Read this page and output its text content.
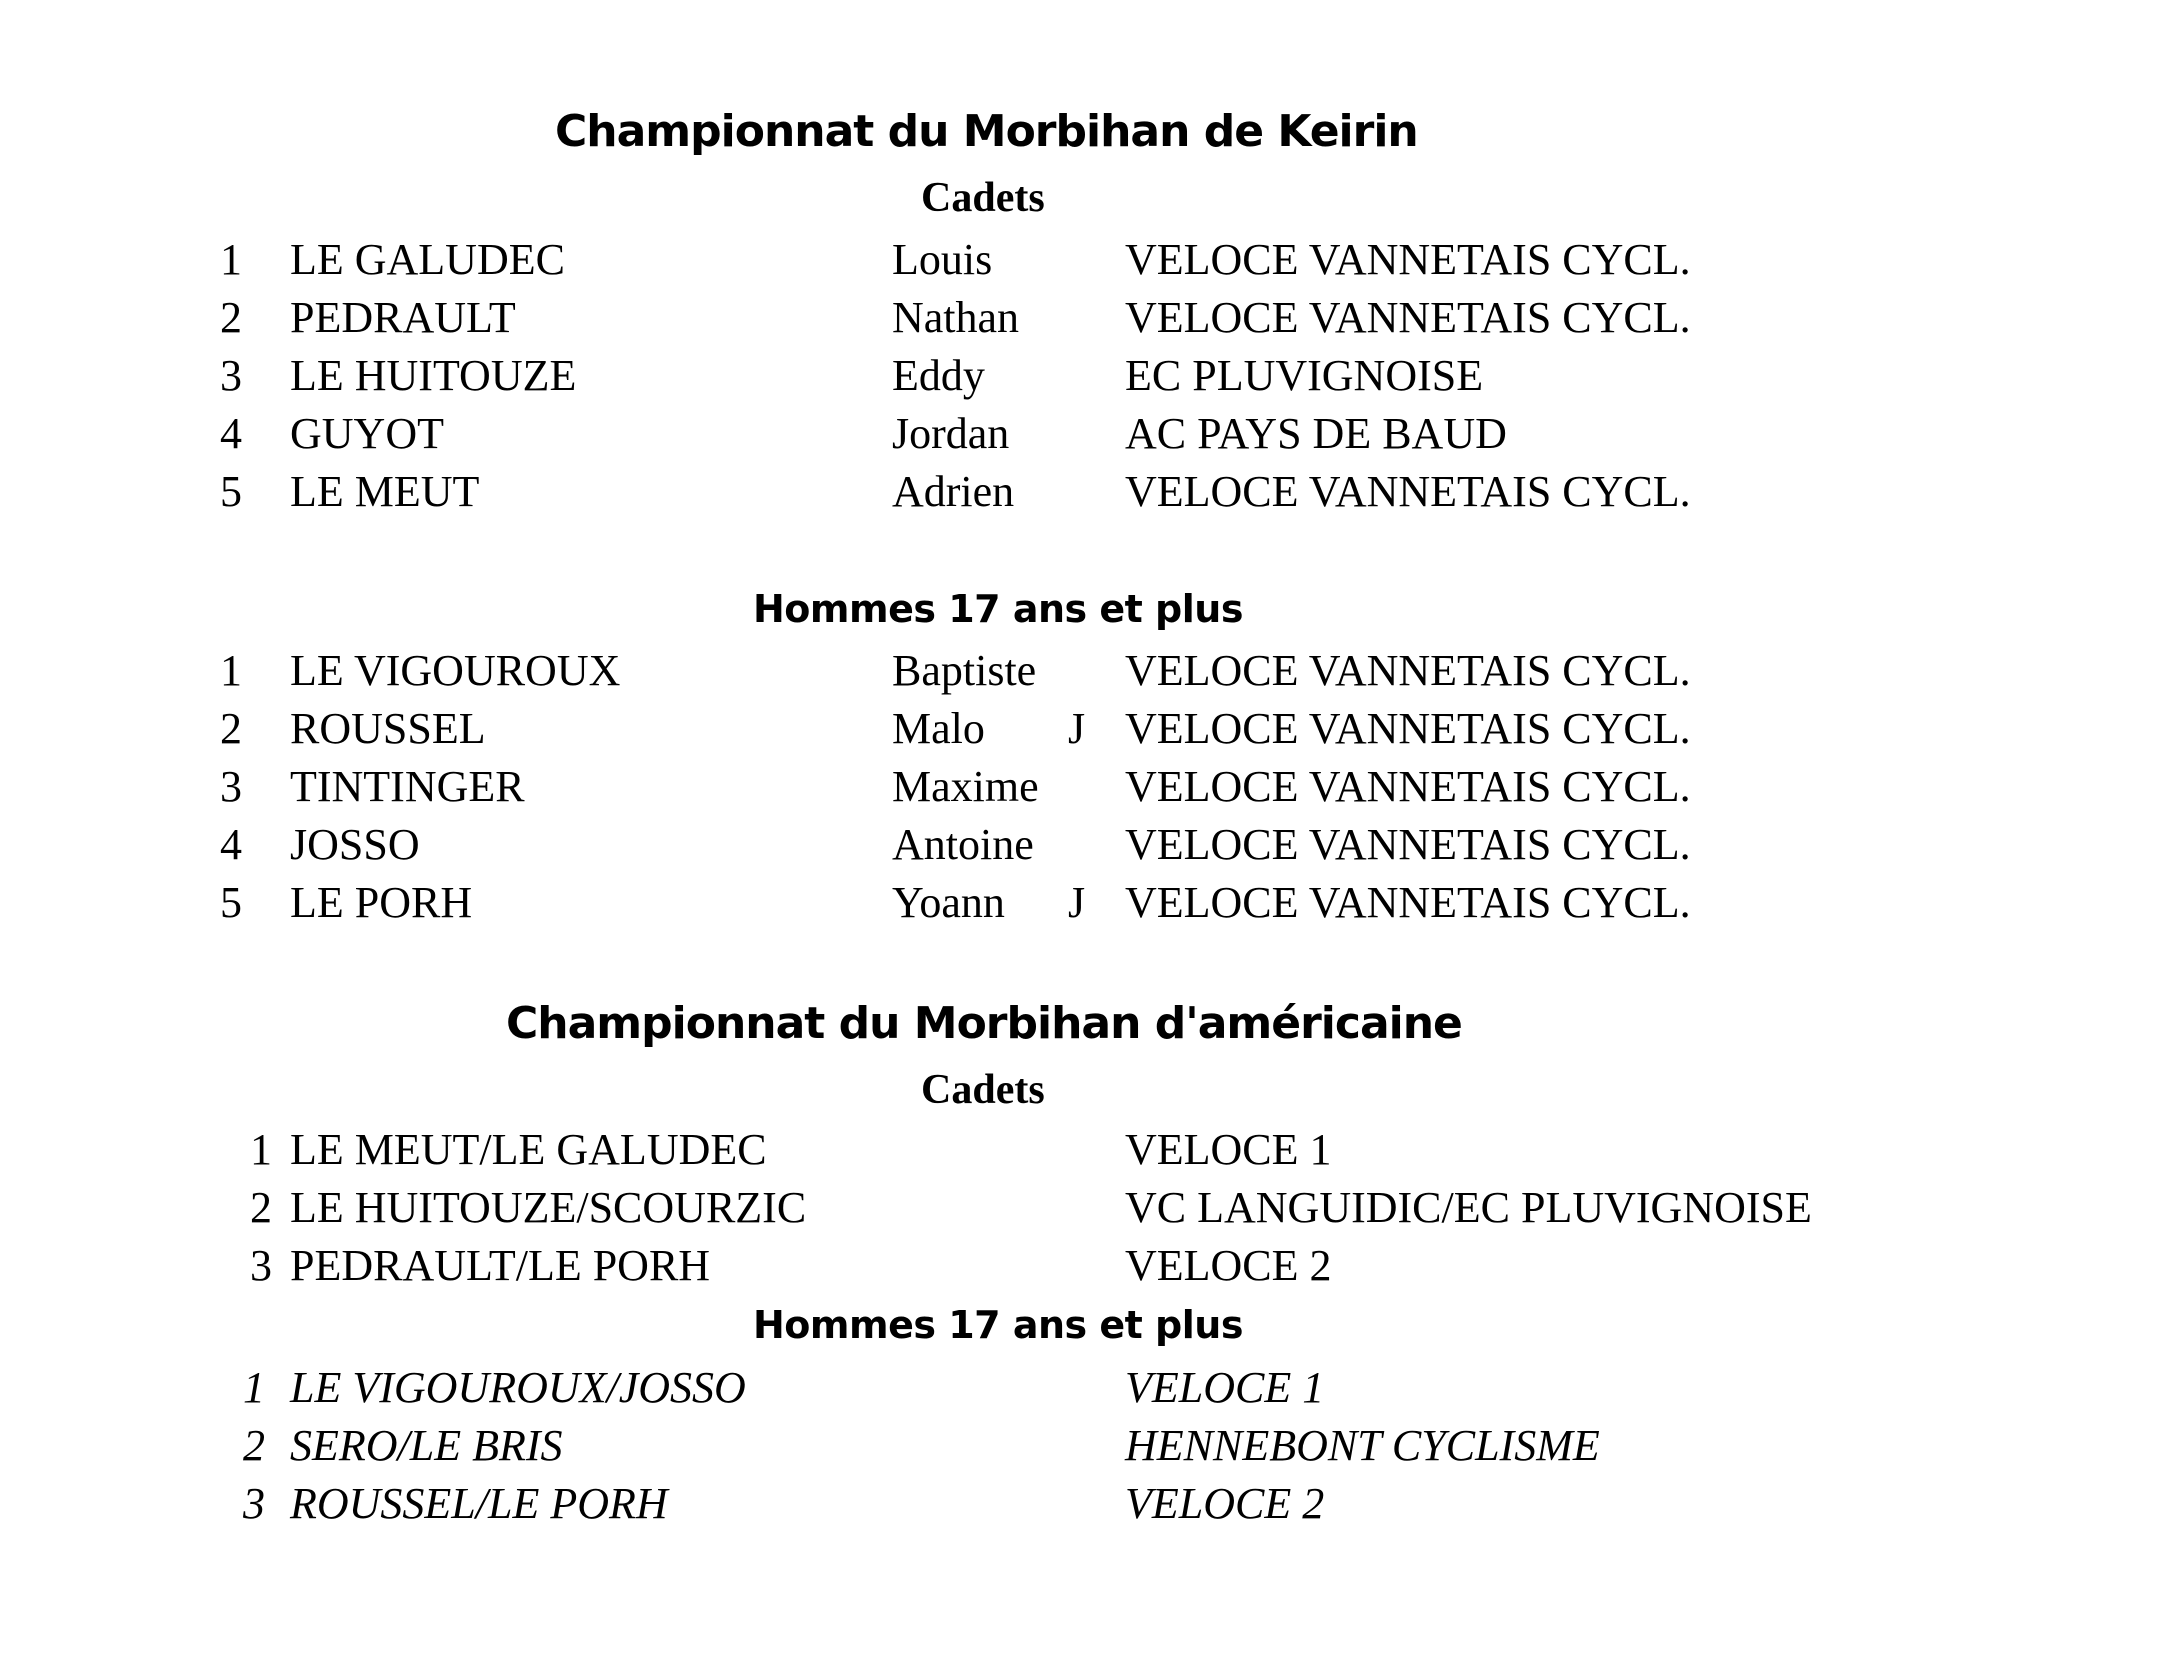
Championnat du Morbihan de Keirin
Cadets
1 LE GALUDEC	Louis	VELOCE VANNETAIS CYCL.
2 PEDRAULT	Nathan VELOCE VANNETAIS CYCL.
3 LE HUITOUZE	Eddy	EC PLUVIGNOISE
4 GUYOT	Jordan	AC PAYS DE BAUD
5 LE MEUT	Adrien	VELOCE VANNETAIS CYCL.
Hommes 17 ans et plus
1 LE VIGOUROUX	Baptiste VELOCE VANNETAIS CYCL.
2 ROUSSEL	Malo J VELOCE VANNETAIS CYCL.
3 TINTINGER	Maxime VELOCE VANNETAIS CYCL.
4 JOSSO	Antoine VELOCE VANNETAIS CYCL.
5 LE PORH	Yoann J VELOCE VANNETAIS CYCL.
Championnat du Morbihan d'américaine
Cadets
1 LE MEUT/LE GALUDEC	VELOCE 1
2 LE HUITOUZE/SCOURZIC	VC LANGUIDIC/EC PLUVIGNOISE
3 PEDRAULT/LE PORH	VELOCE 2
Hommes 17 ans et plus
1 LE VIGOUROUX/JOSSO	VELOCE 1
2 SERO/LE BRIS	HENNEBONT CYCLISME
3 ROUSSEL/LE PORH	VELOCE 2
